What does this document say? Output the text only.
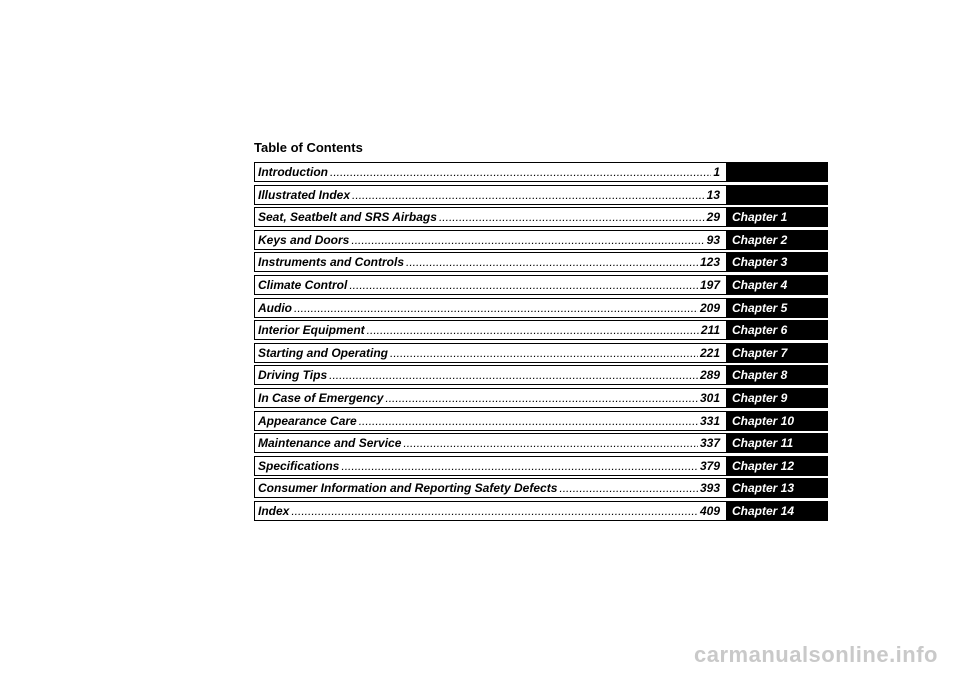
Table of Contents
Introduction .....	1
Illustrated Index .....	13
Seat, Seatbelt and SRS Airbags .....	29	Chapter 1
Keys and Doors .....	93	Chapter 2
Instruments and Controls .....	123	Chapter 3
Climate Control .....	197	Chapter 4
Audio .....	209	Chapter 5
Interior Equipment .....	211	Chapter 6
Starting and Operating .....	221	Chapter 7
Driving Tips .....	289	Chapter 8
In Case of Emergency .....	301	Chapter 9
Appearance Care .....	331	Chapter 10
Maintenance and Service .....	337	Chapter 11
Specifications .....	379	Chapter 12
Consumer Information and Reporting Safety Defects .....	393	Chapter 13
Index .....	409	Chapter 14
carmanualsonline.info
